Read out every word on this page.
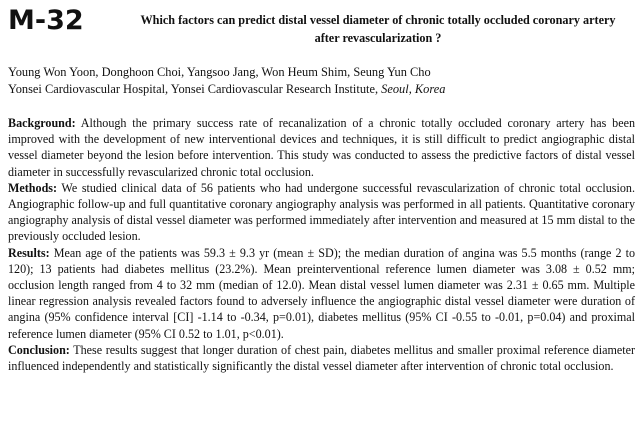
M-32	Which factors can predict distal vessel diameter of chronic totally occluded coronary artery after revascularization ?
Young Won Yoon, Donghoon Choi, Yangsoo Jang, Won Heum Shim, Seung Yun Cho
Yonsei Cardiovascular Hospital, Yonsei Cardiovascular Research Institute, Seoul, Korea

Background: Although the primary success rate of recanalization of a chronic totally occluded coronary artery has been improved with the development of new interventional devices and techniques, it is still difficult to predict angiographic distal vessel diameter beyond the lesion before intervention. This study was conducted to assess the predictive factors of distal vessel diameter in successfully revascularized chronic total occlusion.

Methods: We studied clinical data of 56 patients who had undergone successful revascularization of chronic total occlusion. Angiographic follow-up and full quantitative coronary angiography analysis was performed in all patients. Quantitative coronary angiography analysis of distal vessel diameter was performed immediately after intervention and measured at 15 mm distal to the previously occluded lesion.

Results: Mean age of the patients was 59.3 ± 9.3 yr (mean ± SD); the median duration of angina was 5.5 months (range 2 to 120); 13 patients had diabetes mellitus (23.2%). Mean preinterventional reference lumen diameter was 3.08 ± 0.52 mm; occlusion length ranged from 4 to 32 mm (median of 12.0). Mean distal vessel lumen diameter was 2.31 ± 0.65 mm. Multiple linear regression analysis revealed factors found to adversely influence the angiographic distal vessel diameter were duration of angina (95% confidence interval [CI] -1.14 to -0.34, p=0.01), diabetes mellitus (95% CI -0.55 to -0.01, p=0.04) and proximal reference lumen diameter (95% CI 0.52 to 1.01, p<0.01).

Conclusion: These results suggest that longer duration of chest pain, diabetes mellitus and smaller proximal reference diameter influenced independently and statistically significantly the distal vessel diameter after intervention of chronic total occlusion.
